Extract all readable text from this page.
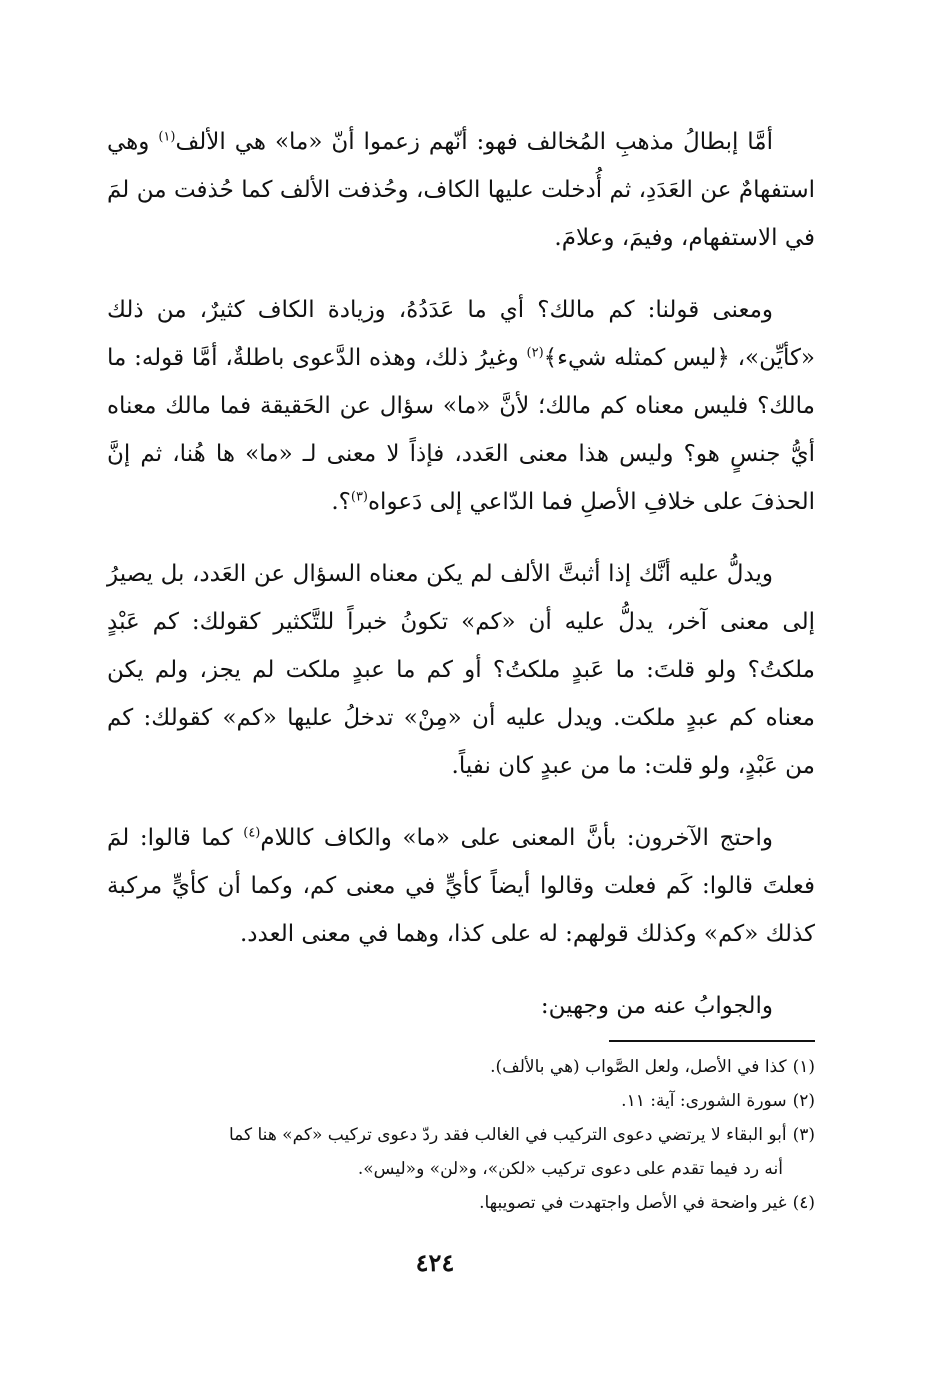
أمَّا إبطالُ مذهبِ المُخالف فهو: أنّهم زعموا أنّ «ما» هي الألف$^{(١)}$ وهي استفهامٌ عن العَدَدِ، ثم أُدخلت عليها الكاف، وحُذفت الألف كما حُذفت من لمَ في الاستفهام، وفيمَ، وعلامَ.

ومعنى قولنا: كم مالك؟ أي ما عَدَدُهُ، وزيادة الكاف كثيرٌ، من ذلك «كأيِّن»، ﴿ليس كمثله شيء﴾$^{(٢)}$ وغيرُ ذلك، وهذه الدَّعوى باطلةٌ، أمَّا قوله: ما مالك؟ فليس معناه كم مالك؛ لأنَّ «ما» سؤال عن الحَقيقة فما مالك معناه أيُّ جنسٍ هو؟ وليس هذا معنى العَدد، فإذاً لا معنى لـ «ما» ها هُنا، ثم إنَّ الحذفَ على خلافِ الأصلِ فما الدّاعي إلى دَعواه$^{(٣)}$؟.

ويدلُّ عليه أنَّك إذا أثبتَّ الألف لم يكن معناه السؤال عن العَدد، بل يصيرُ إلى معنى آخر، يدلُّ عليه أن «كم» تكونُ خبراً للتَّكثير كقولك: كم عَبْدٍ ملكتُ؟ ولو قلتَ: ما عَبدٍ ملكتُ؟ أو كم ما عبدٍ ملكت لم يجز، ولم يكن معناه كم عبدٍ ملكت. ويدل عليه أن «مِنْ» تدخلُ عليها «كم» كقولك: كم من عَبْدٍ، ولو قلت: ما من عبدٍ كان نفياً.

واحتج الآخرون: بأنَّ المعنى على «ما» والكاف كاللام$^{(٤)}$ كما قالوا: لمَ فعلتَ قالوا: كَم فعلت وقالوا أيضاً كأيٍّ في معنى كم، وكما أن كأيٍّ مركبة كذلك «كم» وكذلك قولهم: له على كذا، وهما في معنى العدد.

والجوابُ عنه من وجهين:

(١)كذا في الأصل، ولعل الصَّواب (هي بالألف).

(٢)سورة الشورى: آية: ١١.

(٣)أبو البقاء لا يرتضي دعوى التركيب في الغالب فقد ردّ دعوى تركيب «كم» هنا كما

أنه رد فيما تقدم على دعوى تركيب «لكن»، و«لن» و«ليس».

(٤)غير واضحة في الأصل واجتهدت في تصويبها.

٤٢٤
